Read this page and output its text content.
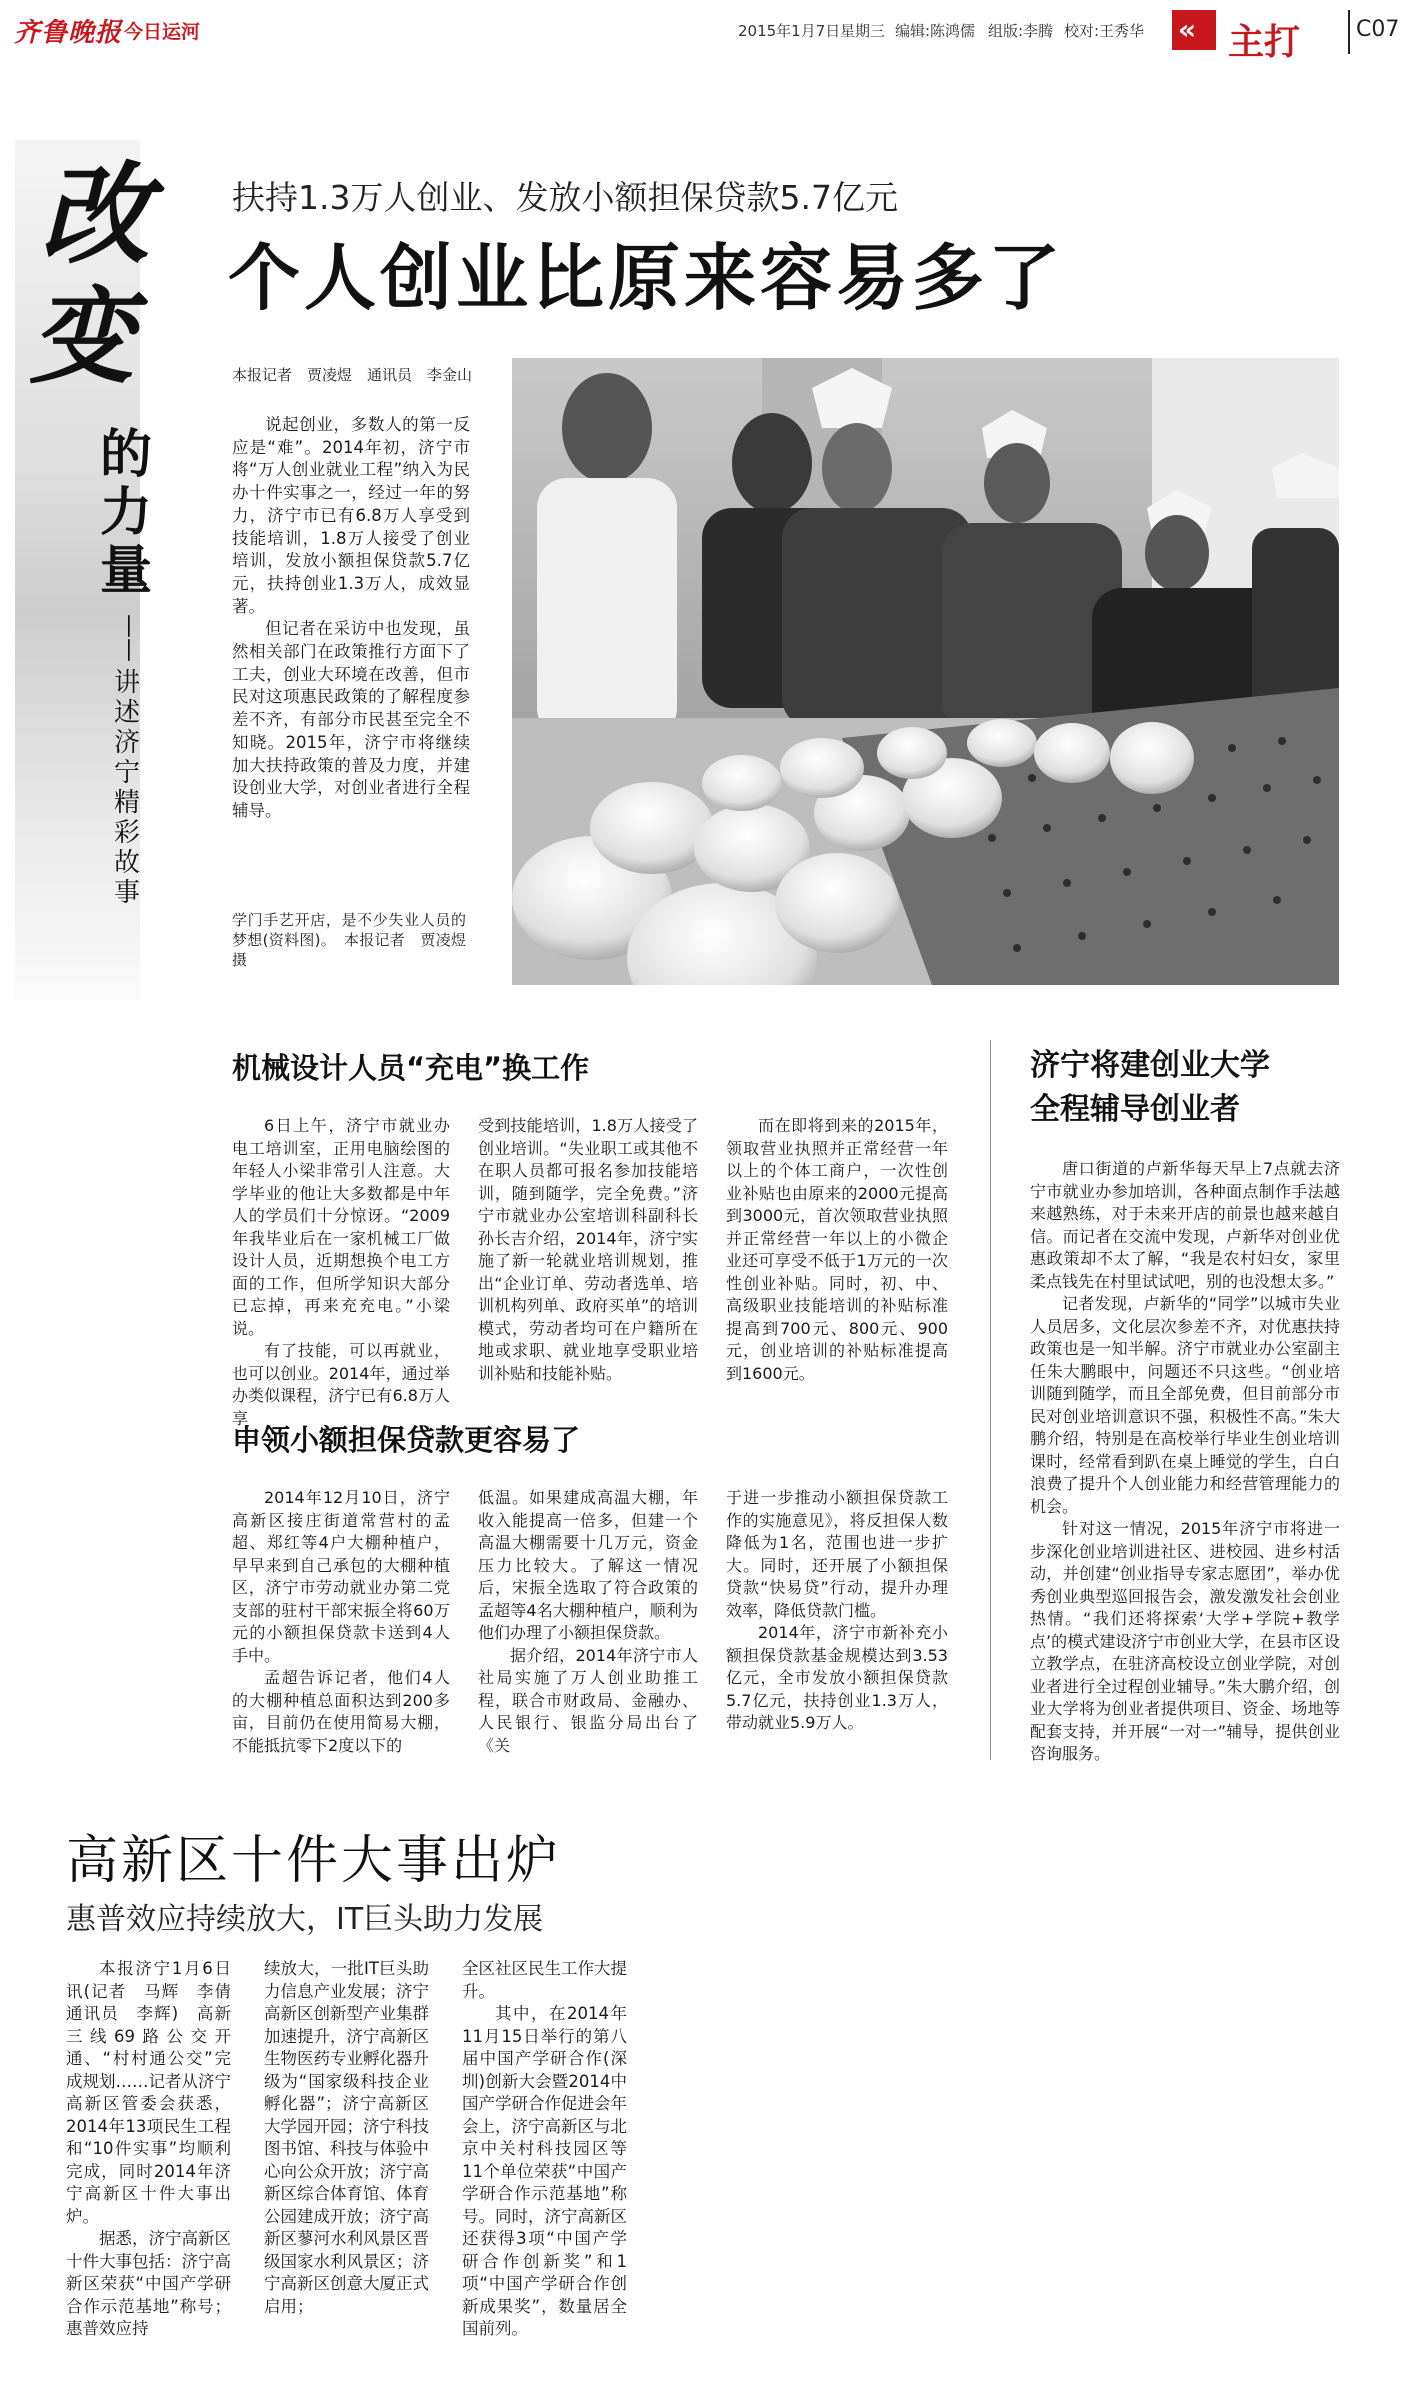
齐鲁晚报 今日运河	2015年1月7日 星期三 编辑:陈鸿儒 组版:李腾 校对:王秀华 « 主打	C07
改
变
的力量
——
讲述济宁精彩故事
扶持1.3万人创业、发放小额担保贷款5.7亿元
个人创业比原来容易多了
本报记者　贾凌煜　通讯员　李金山

说起创业，多数人的第一反应是“难”。2014年初，济宁市将“万人创业就业工程”纳入为民办十件实事之一，经过一年的努力，济宁市已有6.8万人享受到技能培训，1.8万人接受了创业培训，发放小额担保贷款5.7亿元，扶持创业1.3万人，成效显著。

但记者在采访中也发现，虽然相关部门在政策推行方面下了工夫，创业大环境在改善，但市民对这项惠民政策的了解程度参差不齐，有部分市民甚至完全不知晓。2015年，济宁市将继续加大扶持政策的普及力度，并建设创业大学，对创业者进行全程辅导。

学门手艺开店，是不少失业人员的梦想(资料图)。　本报记者　贾凌煜　摄
机械设计人员“充电”换工作

6日上午，济宁市就业办电工培训室，正用电脑绘图的年轻人小梁非常引人注意。大学毕业的他让大多数都是中年人的学员们十分惊讶。“2009年我毕业后在一家机械工厂做设计人员，近期想换个电工方面的工作，但所学知识大部分已忘掉，再来充充电。”小梁说。

有了技能，可以再就业，也可以创业。2014年，通过举办类似课程，济宁已有6.8万人享

受到技能培训，1.8万人接受了创业培训。“失业职工或其他不在职人员都可报名参加技能培训，随到随学，完全免费。”济宁市就业办公室培训科副科长孙长吉介绍，2014年，济宁实施了新一轮就业培训规划，推出“企业订单、劳动者选单、培训机构列单、政府买单”的培训模式，劳动者均可在户籍所在地或求职、就业地享受职业培训补贴和技能补贴。

而在即将到来的2015年，领取营业执照并正常经营一年以上的个体工商户，一次性创业补贴也由原来的2000元提高到3000元，首次领取营业执照并正常经营一年以上的小微企业还可享受不低于1万元的一次性创业补贴。同时，初、中、高级职业技能培训的补贴标准提高到700元、800元、900元，创业培训的补贴标准提高到1600元。

申领小额担保贷款更容易了

2014年12月10日，济宁高新区接庄街道常营村的孟超、郑红等4户大棚种植户，早早来到自己承包的大棚种植区，济宁市劳动就业办第二党支部的驻村干部宋振全将60万元的小额担保贷款卡送到4人手中。

孟超告诉记者，他们4人的大棚种植总面积达到200多亩，目前仍在使用简易大棚，不能抵抗零下2度以下的

低温。如果建成高温大棚，年收入能提高一倍多，但建一个高温大棚需要十几万元，资金压力比较大。了解这一情况后，宋振全选取了符合政策的孟超等4名大棚种植户，顺利为他们办理了小额担保贷款。

据介绍，2014年济宁市人社局实施了万人创业助推工程，联合市财政局、金融办、人民银行、银监分局出台了《关

于进一步推动小额担保贷款工作的实施意见》，将反担保人数降低为1名，范围也进一步扩大。同时，还开展了小额担保贷款“快易贷”行动，提升办理效率，降低贷款门槛。

2014年，济宁市新补充小额担保贷款基金规模达到3.53亿元，全市发放小额担保贷款5.7亿元，扶持创业1.3万人，带动就业5.9万人。

济宁将建创业大学
全程辅导创业者

唐口街道的卢新华每天早上7点就去济宁市就业办参加培训，各种面点制作手法越来越熟练，对于未来开店的前景也越来越自信。而记者在交流中发现，卢新华对创业优惠政策却不太了解，“我是农村妇女，家里柔点钱先在村里试试吧，别的也没想太多。”

记者发现，卢新华的“同学”以城市失业人员居多，文化层次参差不齐，对优惠扶持政策也是一知半解。济宁市就业办公室副主任朱大鹏眼中，问题还不只这些。“创业培训随到随学，而且全部免费，但目前部分市民对创业培训意识不强，积极性不高。”朱大鹏介绍，特别是在高校举行毕业生创业培训课时，经常看到趴在桌上睡觉的学生，白白浪费了提升个人创业能力和经营管理能力的机会。

针对这一情况，2015年济宁市将进一步深化创业培训进社区、进校园、进乡村活动，并创建“创业指导专家志愿团”，举办优秀创业典型巡回报告会，激发激发社会创业热情。“我们还将探索‘大学+学院+教学点’的模式建设济宁市创业大学，在县市区设立教学点，在驻济高校设立创业学院，对创业者进行全过程创业辅导。”朱大鹏介绍，创业大学将为创业者提供项目、资金、场地等配套支持，并开展“一对一”辅导，提供创业咨询服务。

高新区十件大事出炉
惠普效应持续放大，IT巨头助力发展

本报济宁1月6日讯(记者　马辉　李倩　通讯员　李辉)　高新三线69路公交开通、“村村通公交”完成规划……记者从济宁高新区管委会获悉，2014年13项民生工程和“10件实事”均顺利完成，同时2014年济宁高新区十件大事出炉。

据悉，济宁高新区十件大事包括：济宁高新区荣获“中国产学研合作示范基地”称号；惠普效应持

续放大，一批IT巨头助力信息产业发展；济宁高新区创新型产业集群加速提升，济宁高新区生物医药专业孵化器升级为“国家级科技企业孵化器”；济宁高新区大学园开园；济宁科技图书馆、科技与体验中心向公众开放；济宁高新区综合体育馆、体育公园建成开放；济宁高新区蓼河水利风景区晋级国家水利风景区；济宁高新区创意大厦正式启用；
全区社区民生工作大提升。

其中，在2014年11月15日举行的第八届中国产学研合作(深圳)创新大会暨2014中国产学研合作促进会年会上，济宁高新区与北京中关村科技园区等11个单位荣获“中国产学研合作示范基地”称号。同时，济宁高新区还获得3项“中国产学研合作创新奖”和1项“中国产学研合作创新成果奖”，数量居全国前列。
